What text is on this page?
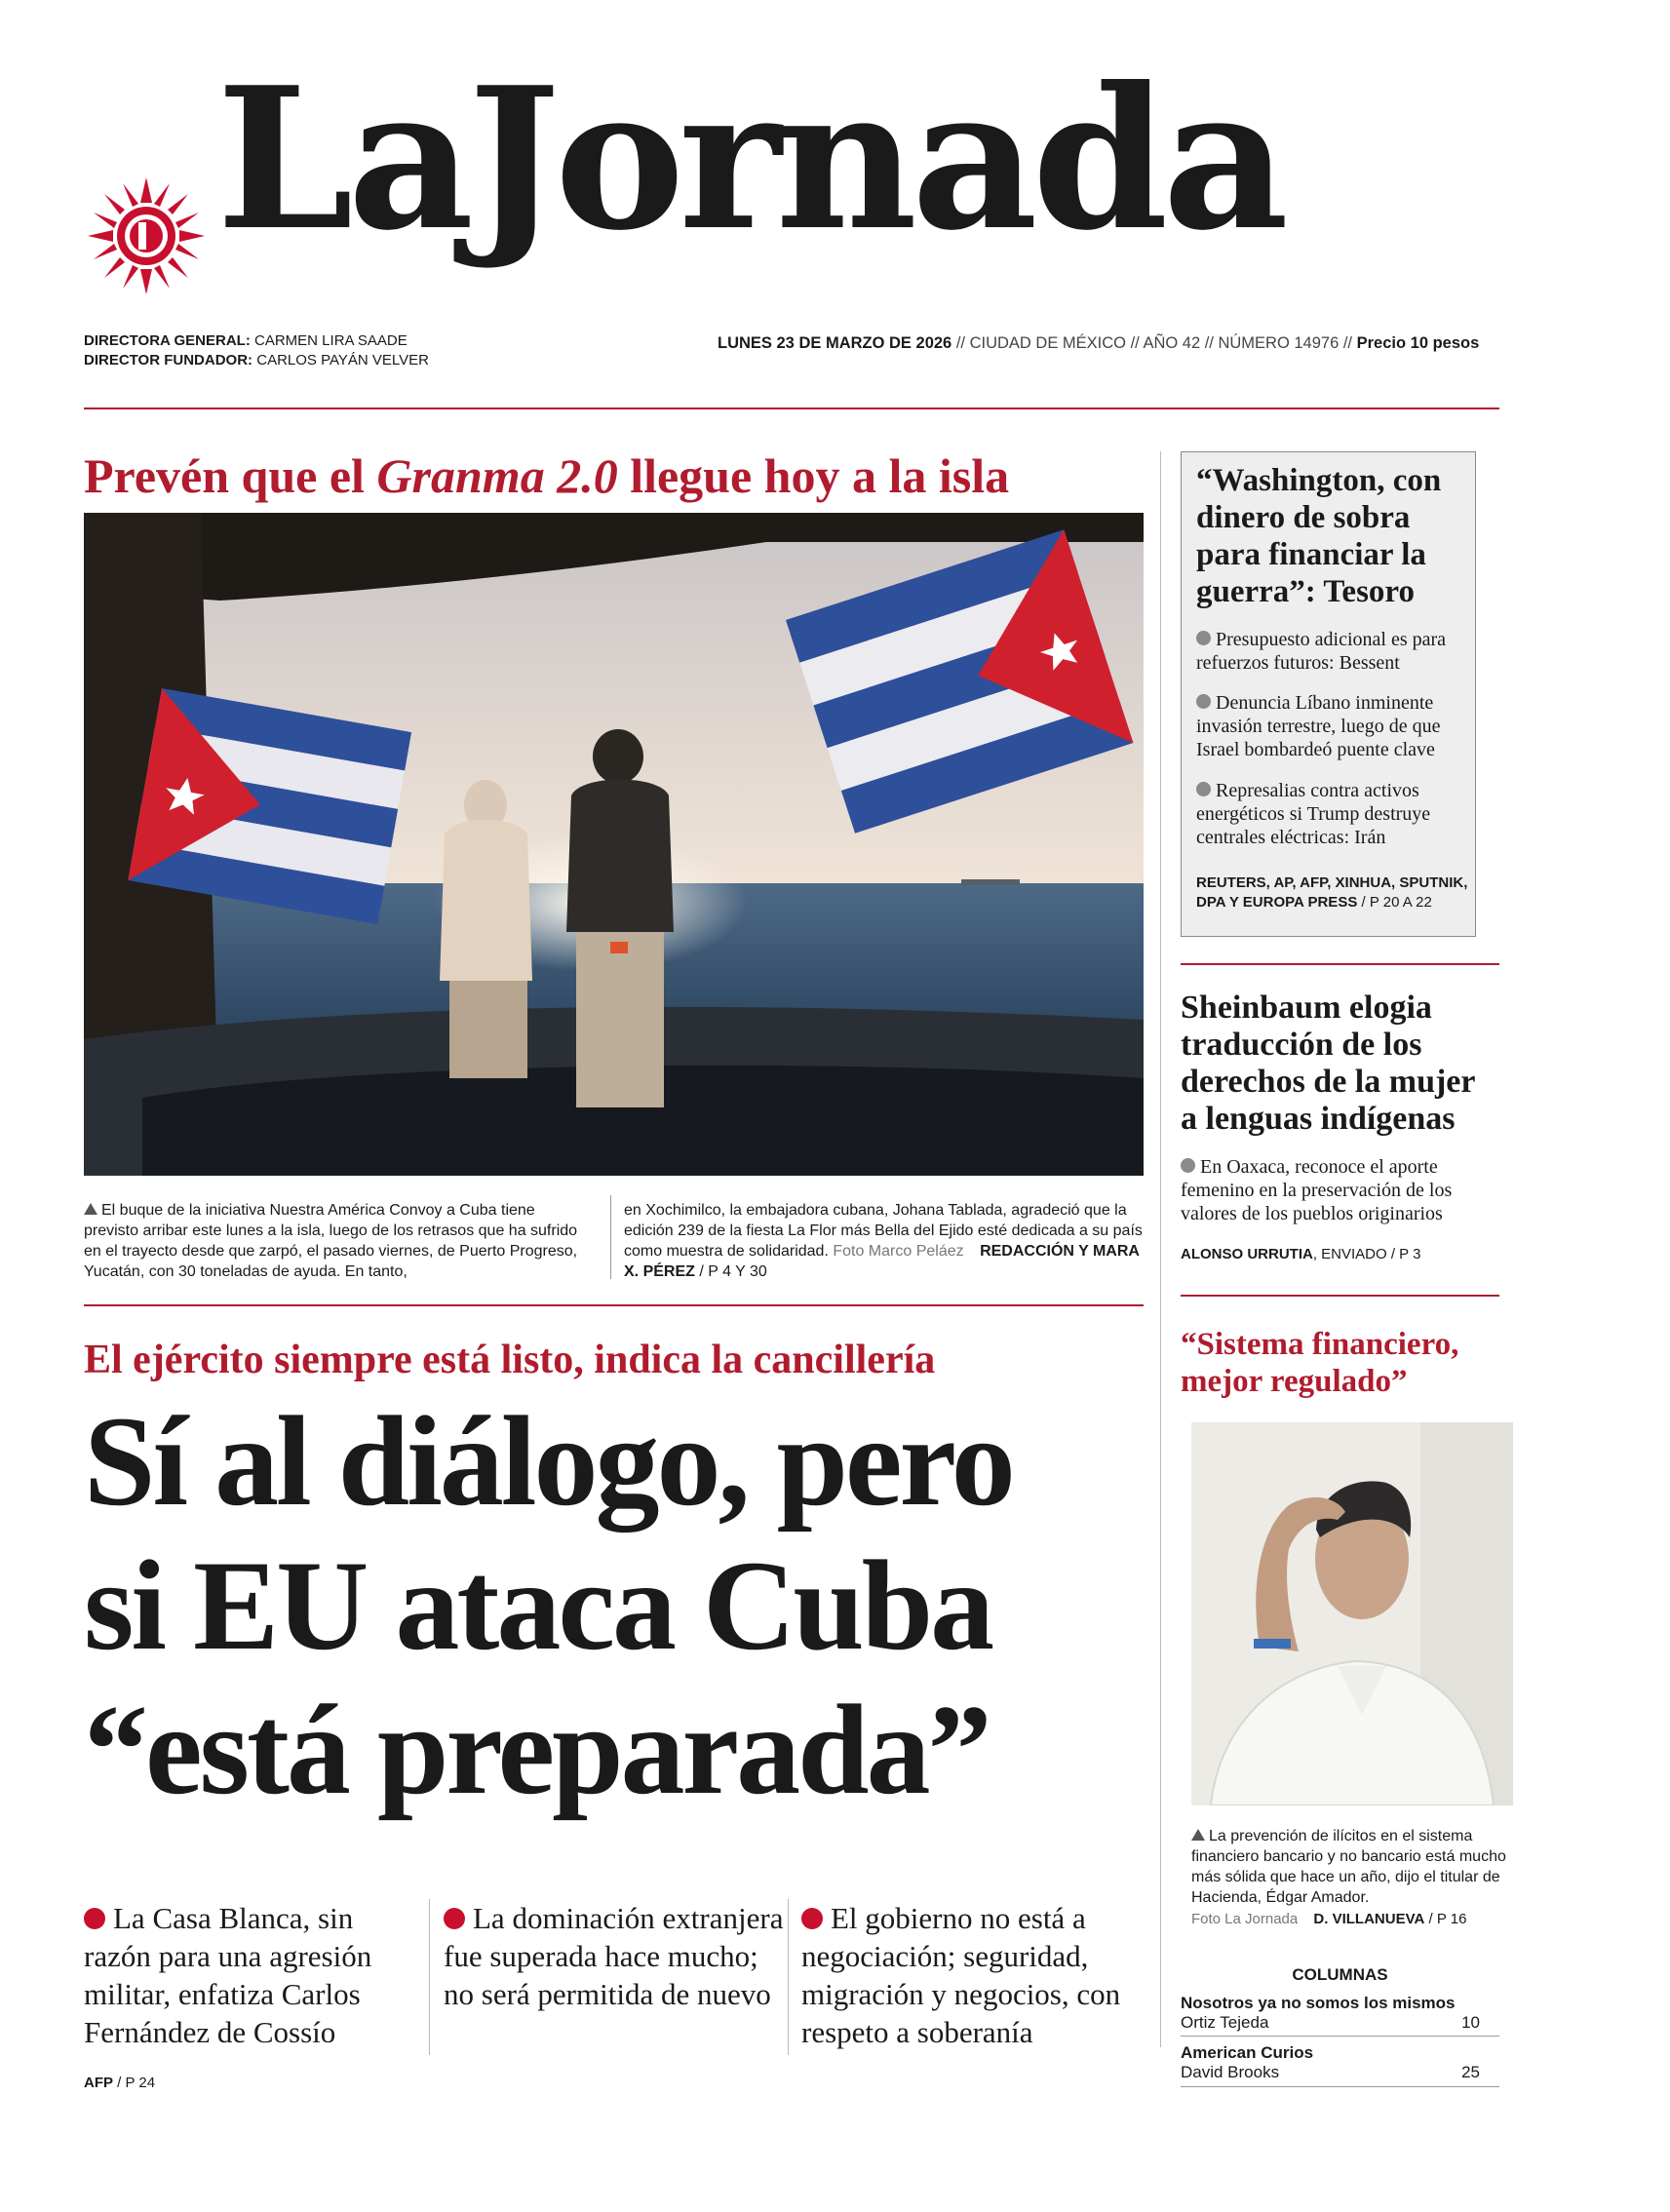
LaJornada
DIRECTORA GENERAL: CARMEN LIRA SAADE
DIRECTOR FUNDADOR: CARLOS PAYÁN VELVER
LUNES 23 DE MARZO DE 2026 // CIUDAD DE MÉXICO // AÑO 42 // NÚMERO 14976 // Precio 10 pesos
Prevén que el Granma 2.0 llegue hoy a la isla
El buque de la iniciativa Nuestra América Convoy a Cuba tiene previsto arribar este lunes a la isla, luego de los retrasos que ha sufrido en el trayecto desde que zarpó, el pasado viernes, de Puerto Progreso, Yucatán, con 30 toneladas de ayuda. En tanto,
en Xochimilco, la embajadora cubana, Johana Tablada, agradeció que la edición 239 de la fiesta La Flor más Bella del Ejido esté dedicada a su país como muestra de solidaridad. Foto Marco Peláez REDACCIÓN Y MARA X. PÉREZ / P 4 Y 30
El ejército siempre está listo, indica la cancillería
Sí al diálogo, pero
si EU ataca Cuba
“está preparada”
La Casa Blanca, sin razón para una agresión militar, enfatiza Carlos Fernández de Cossío
La dominación extranjera fue superada hace mucho; no será permitida de nuevo
El gobierno no está a negociación; seguridad, migración y negocios, con respeto a soberanía
AFP / P 24
“Washington, con dinero de sobra para financiar la guerra”: Tesoro
Presupuesto adicional es para refuerzos futuros: Bessent
Denuncia Líbano inminente invasión terrestre, luego de que Israel bombardeó puente clave
Represalias contra activos energéticos si Trump destruye centrales eléctricas: Irán
REUTERS, AP, AFP, XINHUA, SPUTNIK, DPA Y EUROPA PRESS / P 20 A 22
Sheinbaum elogia traducción de los derechos de la mujer a lenguas indígenas
En Oaxaca, reconoce el aporte femenino en la preservación de los valores de los pueblos originarios
ALONSO URRUTIA, ENVIADO / P 3
“Sistema financiero, mejor regulado”
La prevención de ilícitos en el sistema financiero bancario y no bancario está mucho más sólida que hace un año, dijo el titular de Hacienda, Édgar Amador.
Foto La Jornada D. VILLANUEVA / P 16
COLUMNAS
Nosotros ya no somos los mismos
Ortiz Tejeda	10
American Curios
David Brooks	25
